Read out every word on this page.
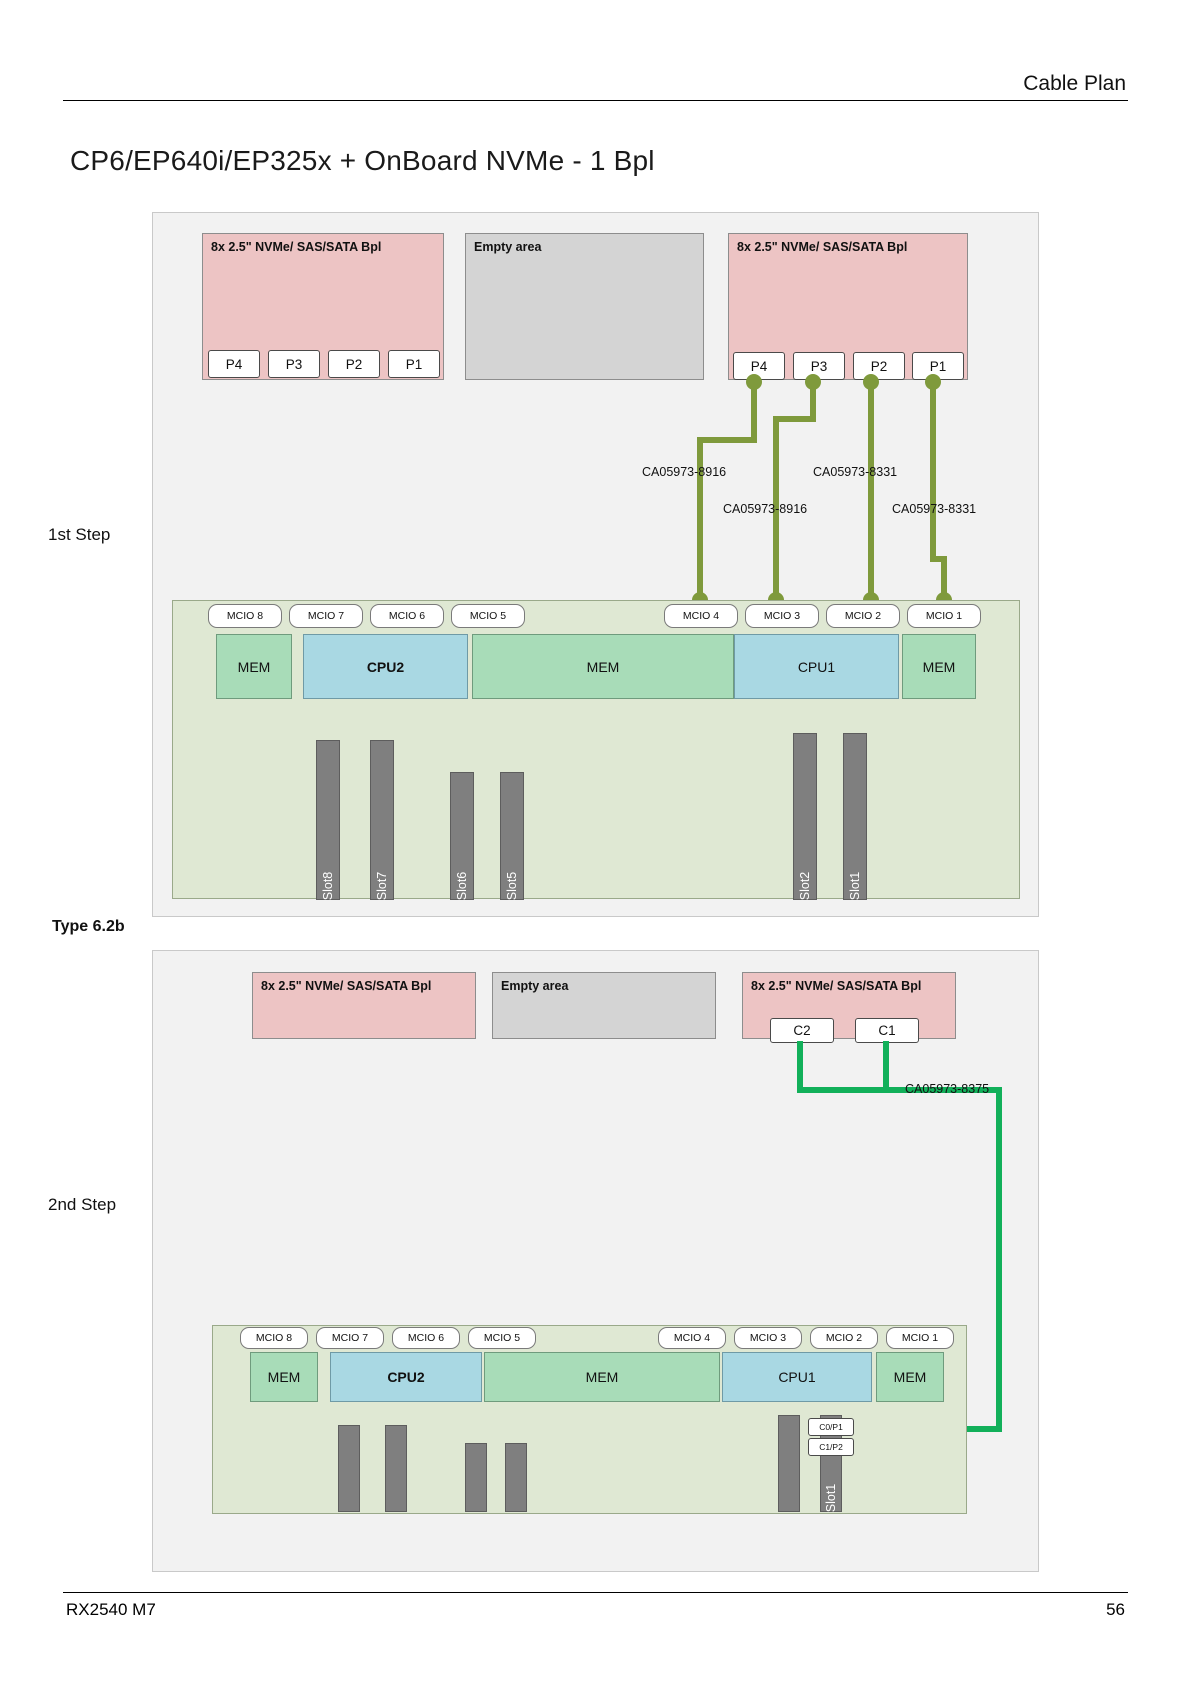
Cable Plan
CP6/EP640i/EP325x + OnBoard NVMe - 1 Bpl
1st Step
Type 6.2b
2nd Step
8x 2.5" NVMe/ SAS/SATA Bpl
P4	P3	P2	P1
Empty area	8x 2.5" NVMe/ SAS/SATA Bpl
P4	P3	P2	P1
CA05973-8916	CA05973-8331
CA05973-8916	CA05973-8331
MCIO 8	MCIO 7	MCIO 6	MCIO 5	MCIO 4	MCIO 3	MCIO 2	MCIO 1
MEM	CPU2	MEM	CPU1	MEM
Slot8	Slot7	Slot6	Slot5	Slot2	Slot1
8x 2.5" NVMe/ SAS/SATA Bpl	Empty area	8x 2.5" NVMe/ SAS/SATA Bpl
C2	C1
CA05973-8375
MCIO 8	MCIO 7	MCIO 6	MCIO 5	MCIO 4	MCIO 3	MCIO 2	MCIO 1
MEM	CPU2	MEM	CPU1	MEM
Slot1
C0/P1
C1/P2
RX2540 M7	56
